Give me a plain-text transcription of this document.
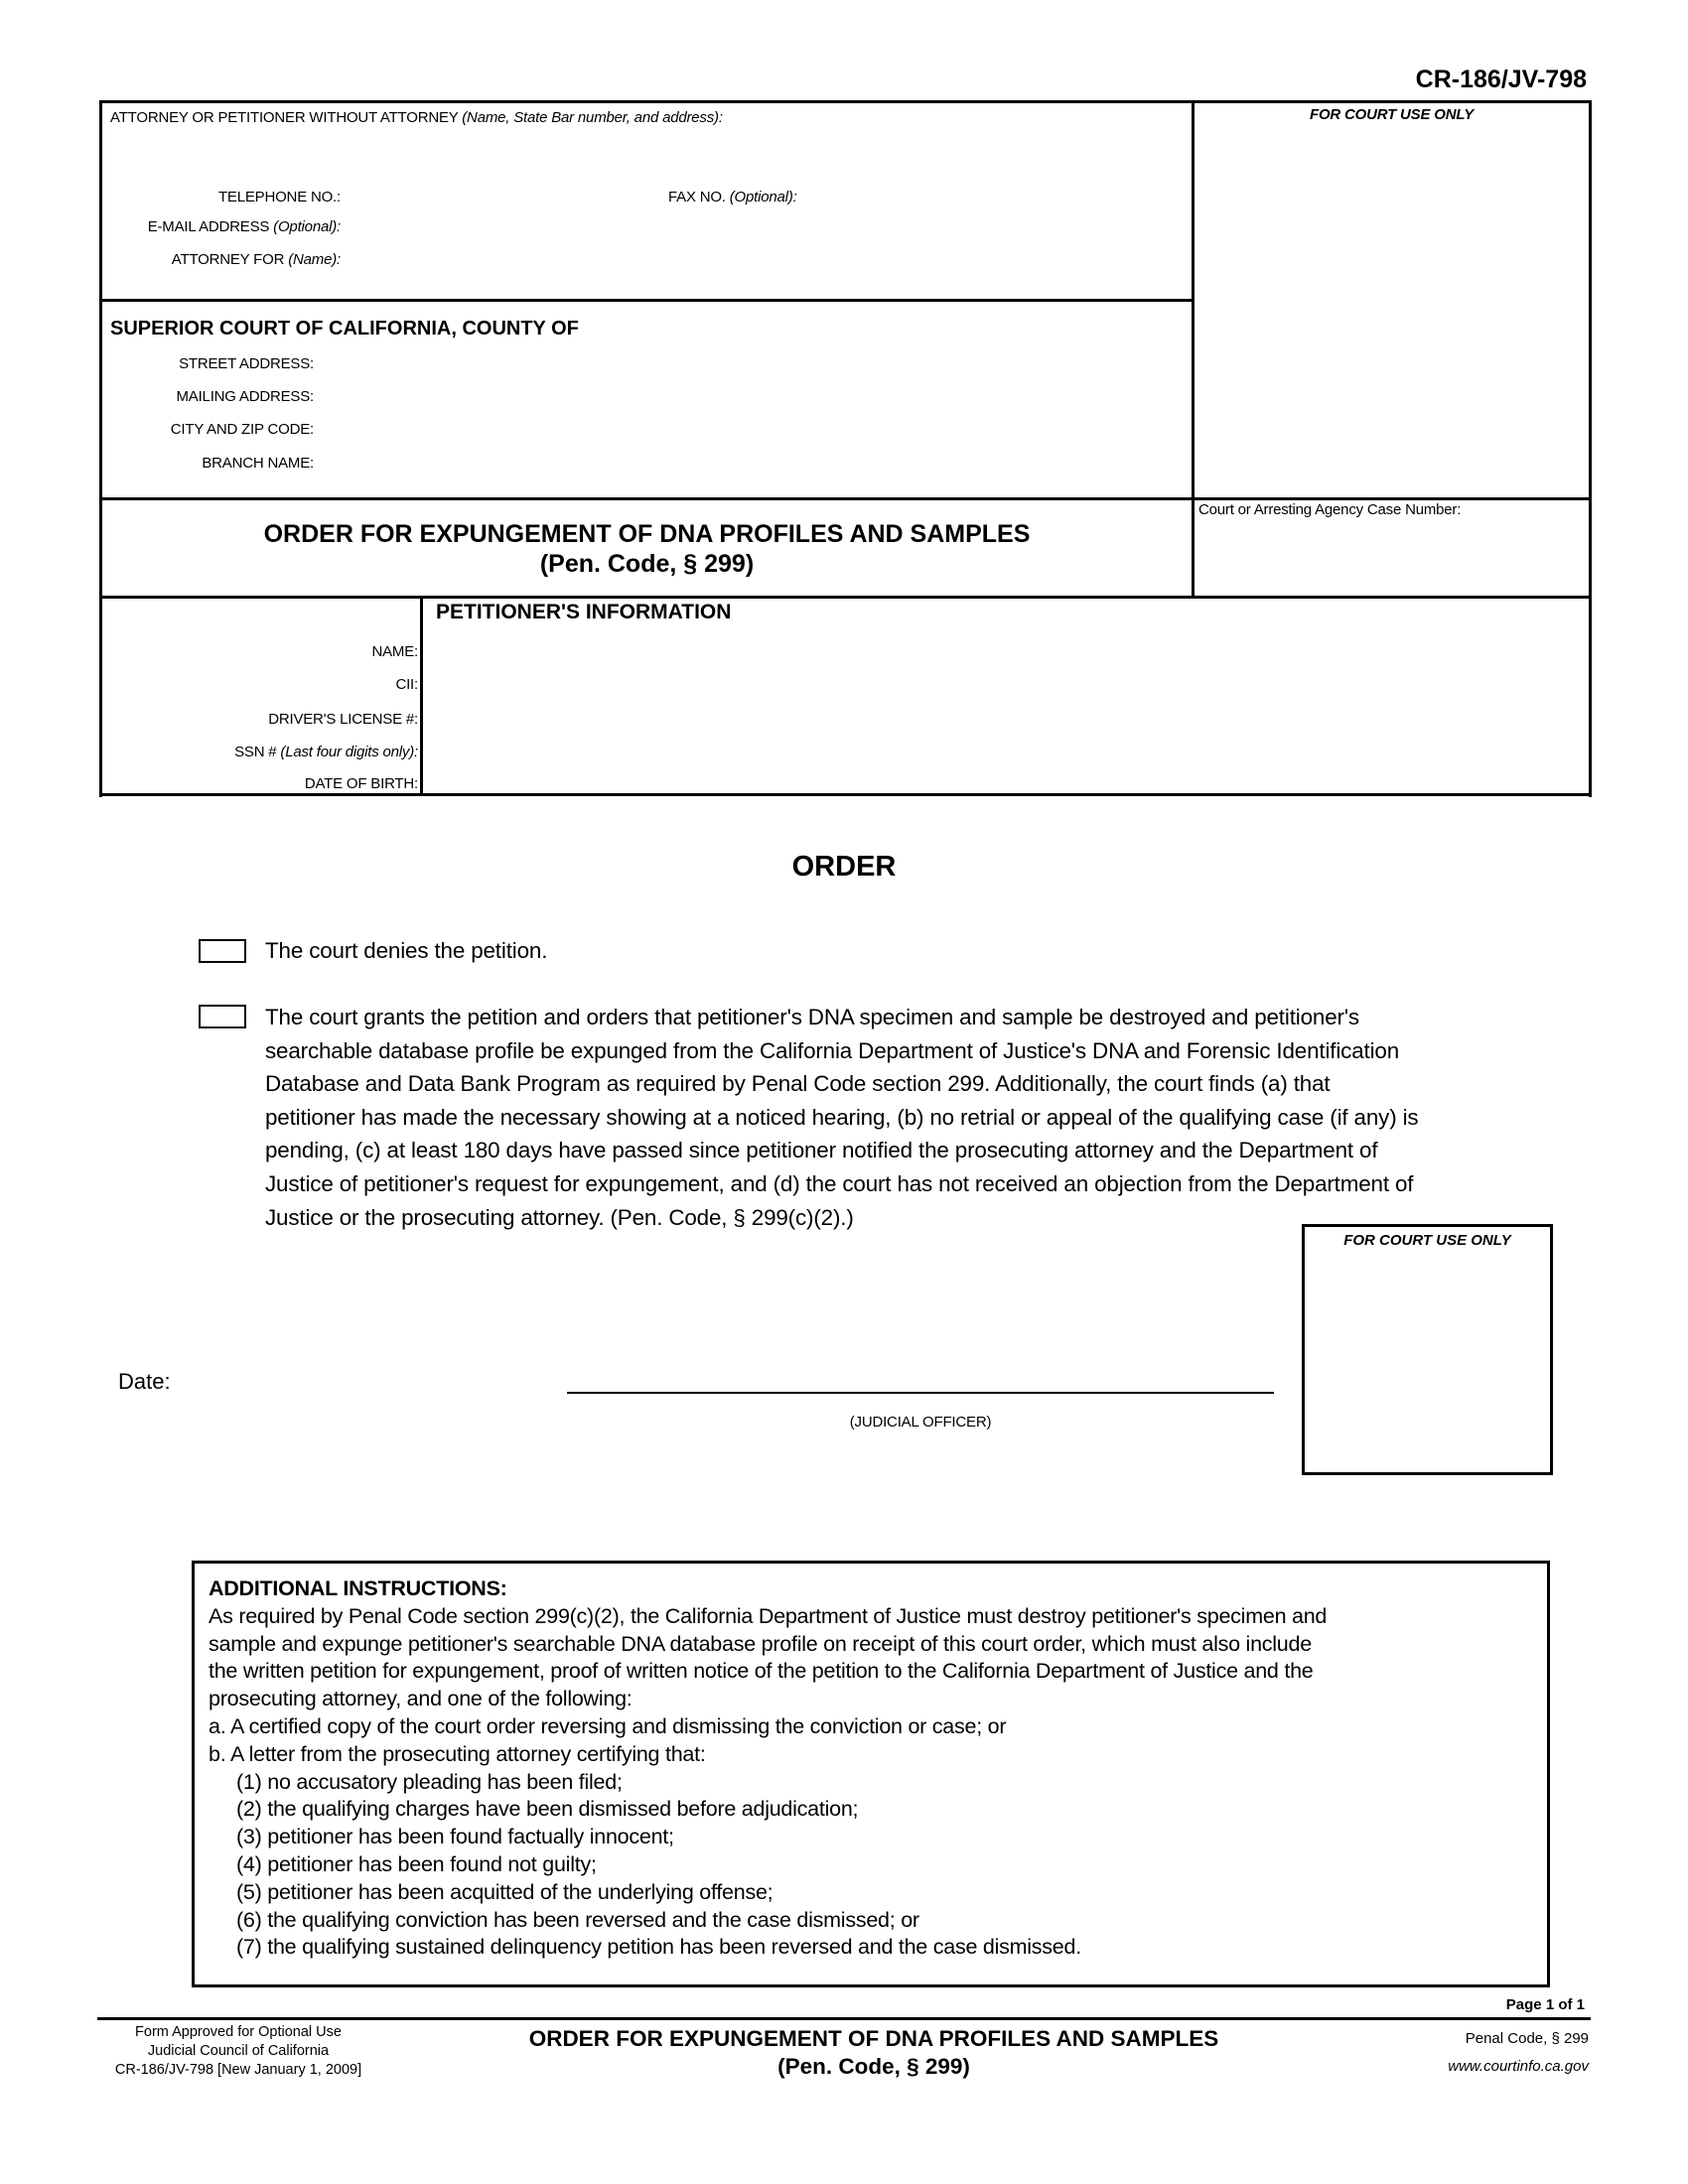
CR-186/JV-798
ATTORNEY OR PETITIONER WITHOUT ATTORNEY (Name, State Bar number, and address):
TELEPHONE NO.:	FAX NO. (Optional):
E-MAIL ADDRESS (Optional):
ATTORNEY FOR (Name):
FOR COURT USE ONLY
SUPERIOR COURT OF CALIFORNIA, COUNTY OF
STREET ADDRESS:
MAILING ADDRESS:
CITY AND ZIP CODE:
BRANCH NAME:
ORDER FOR EXPUNGEMENT OF DNA PROFILES AND SAMPLES
(Pen. Code, § 299)
Court or Arresting Agency Case Number:
PETITIONER'S INFORMATION
NAME:
CII:
DRIVER'S LICENSE #:
SSN # (Last four digits only):
DATE OF BIRTH:
ORDER
The court denies the petition.
The court grants the petition and orders that petitioner's DNA specimen and sample be destroyed and petitioner's
searchable database profile be expunged from the California Department of Justice's DNA and Forensic Identification
Database and Data Bank Program as required by Penal Code section 299. Additionally, the court finds (a) that
petitioner has made the necessary showing at a noticed hearing, (b) no retrial or appeal of the qualifying case (if any) is
pending, (c) at least 180 days have passed since petitioner notified the prosecuting attorney and the Department of
Justice of petitioner's request for expungement, and (d) the court has not received an objection from the Department of
Justice or the prosecuting attorney. (Pen. Code, § 299(c)(2).)
FOR COURT USE ONLY
Date:
(JUDICIAL OFFICER)
ADDITIONAL INSTRUCTIONS:
As required by Penal Code section 299(c)(2), the California Department of Justice must destroy petitioner's specimen and
sample and expunge petitioner's searchable DNA database profile on receipt of this court order, which must also include
the written petition for expungement, proof of written notice of the petition to the California Department of Justice and the
prosecuting attorney, and one of the following:
a. A certified copy of the court order reversing and dismissing the conviction or case; or
b. A letter from the prosecuting attorney certifying that:
(1) no accusatory pleading has been filed;
(2) the qualifying charges have been dismissed before adjudication;
(3) petitioner has been found factually innocent;
(4) petitioner has been found not guilty;
(5) petitioner has been acquitted of the underlying offense;
(6) the qualifying conviction has been reversed and the case dismissed; or
(7) the qualifying sustained delinquency petition has been reversed and the case dismissed.
Page 1 of 1
Form Approved for Optional Use
Judicial Council of California
CR-186/JV-798 [New January 1, 2009]
ORDER FOR EXPUNGEMENT OF DNA PROFILES AND SAMPLES
(Pen. Code, § 299)
Penal Code, § 299
www.courtinfo.ca.gov
